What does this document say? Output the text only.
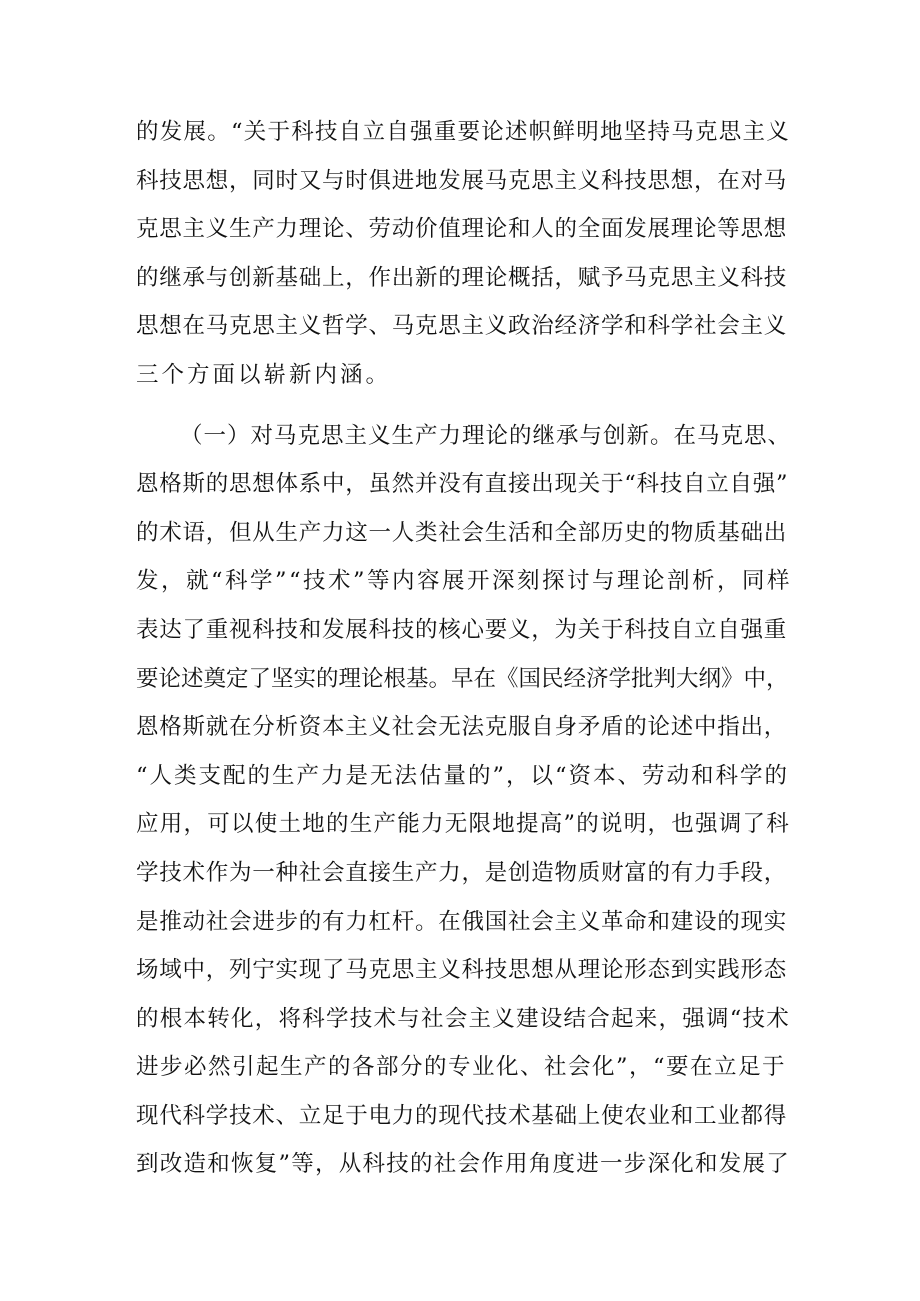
的发展。“关于科技自立自强重要论述帜鲜明地坚持马克思主义
科技思想，同时又与时俱进地发展马克思主义科技思想，在对马
克思主义生产力理论、劳动价值理论和人的全面发展理论等思想
的继承与创新基础上，作出新的理论概括，赋予马克思主义科技
思想在马克思主义哲学、马克思主义政治经济学和科学社会主义
三个方面以崭新内涵。
（一）对马克思主义生产力理论的继承与创新。在马克思、
恩格斯的思想体系中，虽然并没有直接出现关于“科技自立自强”
的术语，但从生产力这一人类社会生活和全部历史的物质基础出
发，就“科学”“技术”等内容展开深刻探讨与理论剖析，同样
表达了重视科技和发展科技的核心要义，为关于科技自立自强重
要论述奠定了坚实的理论根基。早在《国民经济学批判大纲》中，
恩格斯就在分析资本主义社会无法克服自身矛盾的论述中指出，
“人类支配的生产力是无法估量的”，以“资本、劳动和科学的
应用，可以使土地的生产能力无限地提高”的说明，也强调了科
学技术作为一种社会直接生产力，是创造物质财富的有力手段，
是推动社会进步的有力杠杆。在俄国社会主义革命和建设的现实
场域中，列宁实现了马克思主义科技思想从理论形态到实践形态
的根本转化，将科学技术与社会主义建设结合起来，强调“技术
进步必然引起生产的各部分的专业化、社会化”，“要在立足于
现代科学技术、立足于电力的现代技术基础上使农业和工业都得
到改造和恢复”等，从科技的社会作用角度进一步深化和发展了
